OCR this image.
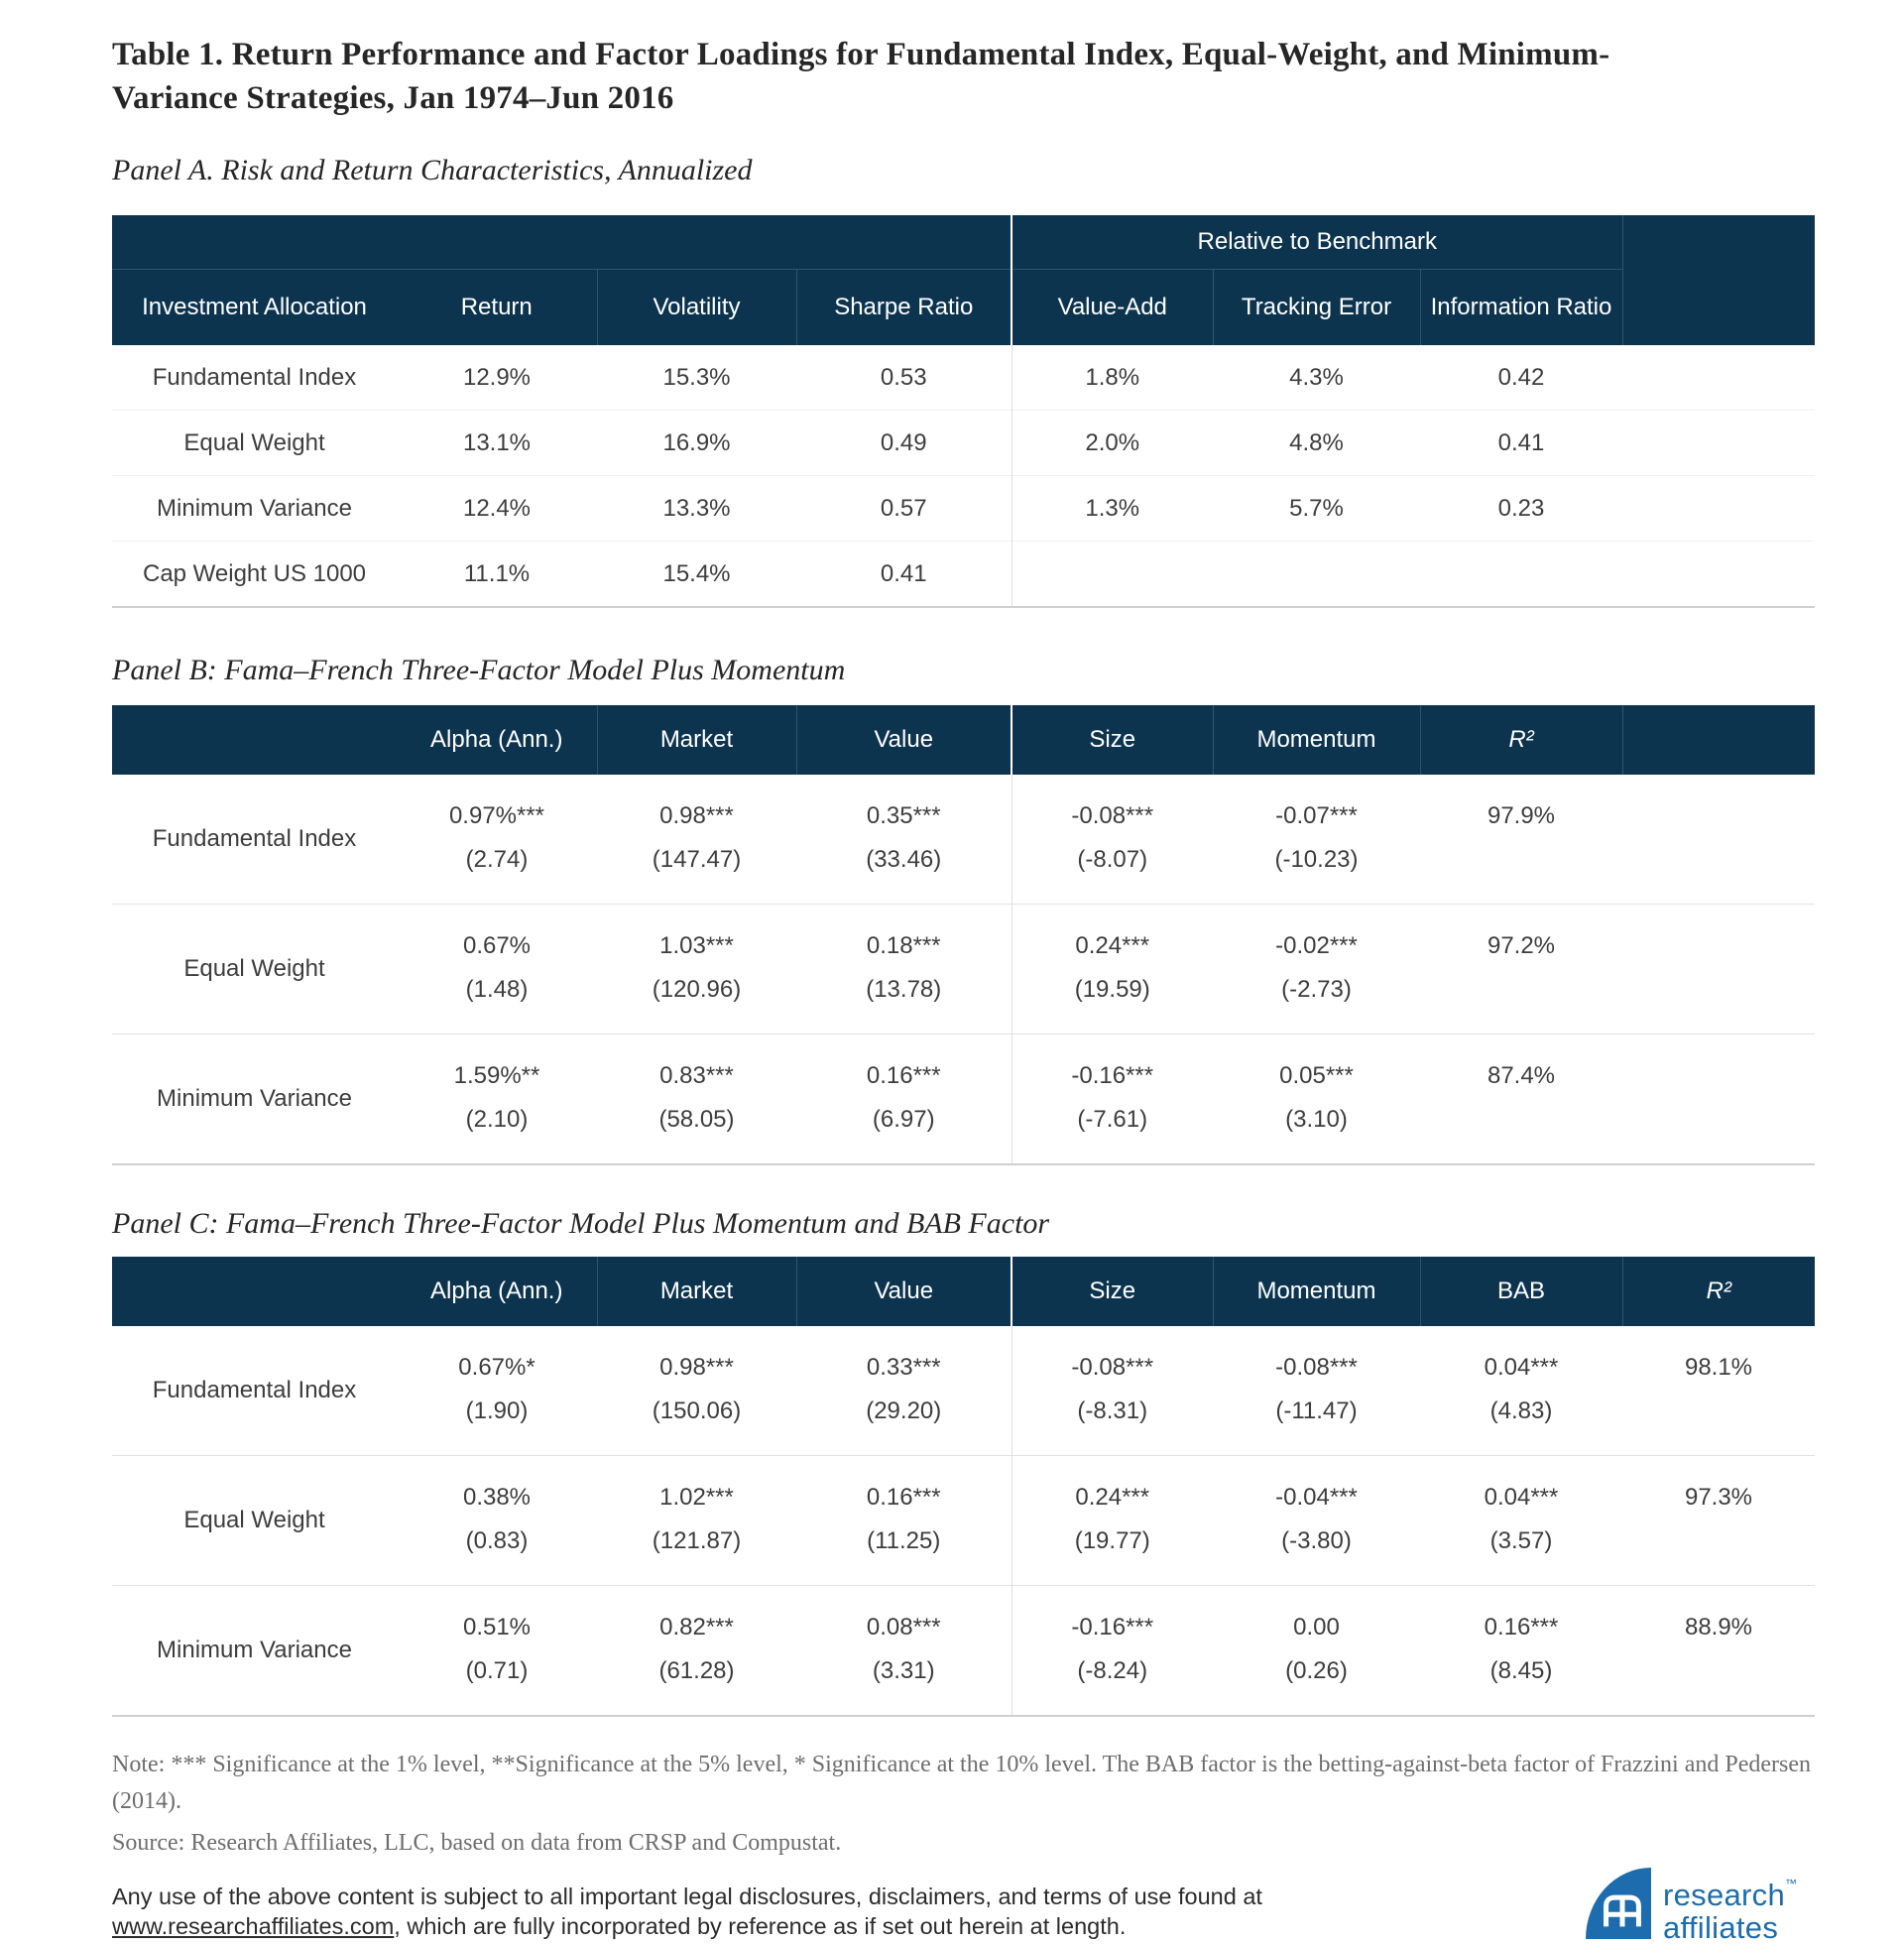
Table 1. Return Performance and Factor Loadings for Fundamental Index, Equal-Weight, and Minimum-Variance Strategies, Jan 1974–Jun 2016
Panel A. Risk and Return Characteristics, Annualized
				Relative to Benchmark			
Investment Allocation	Return	Volatility	Sharpe Ratio	Value-Add	Tracking Error	Information Ratio	
Fundamental Index	12.9%	15.3%	0.53	1.8%	4.3%	0.42	
Equal Weight	13.1%	16.9%	0.49	2.0%	4.8%	0.41	
Minimum Variance	12.4%	13.3%	0.57	1.3%	5.7%	0.23	
Cap Weight US 1000	11.1%	15.4%	0.41				
Panel B: Fama–French Three-Factor Model Plus Momentum
	Alpha (Ann.)	Market	Value	Size	Momentum	R²	
Fundamental Index	0.97%***	0.98***	0.35***	-0.08***	-0.07***	97.9%	
	(2.74)	(147.47)	(33.46)	(-8.07)	(-10.23)		
Equal Weight	0.67%	1.03***	0.18***	0.24***	-0.02***	97.2%	
	(1.48)	(120.96)	(13.78)	(19.59)	(-2.73)		
Minimum Variance	1.59%**	0.83***	0.16***	-0.16***	0.05***	87.4%	
	(2.10)	(58.05)	(6.97)	(-7.61)	(3.10)		
Panel C: Fama–French Three-Factor Model Plus Momentum and BAB Factor
	Alpha (Ann.)	Market	Value	Size	Momentum	BAB	R²
Fundamental Index	0.67%*	0.98***	0.33***	-0.08***	-0.08***	0.04***	98.1%
	(1.90)	(150.06)	(29.20)	(-8.31)	(-11.47)	(4.83)	
Equal Weight	0.38%	1.02***	0.16***	0.24***	-0.04***	0.04***	97.3%
	(0.83)	(121.87)	(11.25)	(19.77)	(-3.80)	(3.57)	
Minimum Variance	0.51%	0.82***	0.08***	-0.16***	0.00	0.16***	88.9%
	(0.71)	(61.28)	(3.31)	(-8.24)	(0.26)	(8.45)	
Note: *** Significance at the 1% level, **Significance at the 5% level, * Significance at the 10% level. The BAB factor is the betting-against-beta factor of Frazzini and Pedersen (2014).
Source: Research Affiliates, LLC, based on data from CRSP and Compustat.
Any use of the above content is subject to all important legal disclosures, disclaimers, and terms of use found at www.researchaffiliates.com, which are fully incorporated by reference as if set out herein at length.
research™
affiliates
